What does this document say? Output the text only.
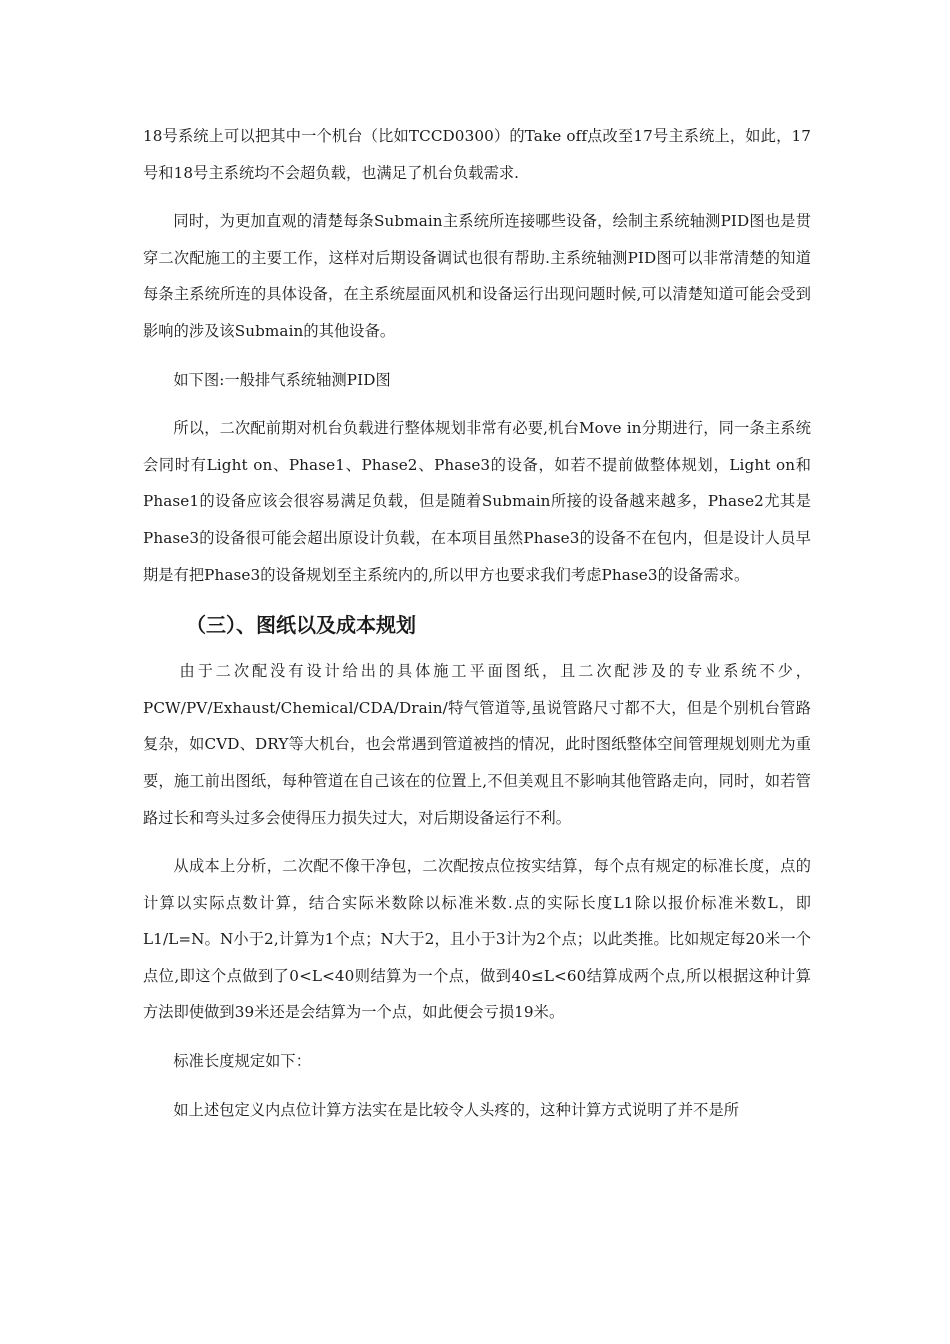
18号系统上可以把其中一个机台（比如TCCD0300）的Take off点改至17号主系统上，如此，17号和18号主系统均不会超负载，也满足了机台负载需求.

同时，为更加直观的清楚每条Submain主系统所连接哪些设备，绘制主系统轴测PID图也是贯穿二次配施工的主要工作，这样对后期设备调试也很有帮助.主系统轴测PID图可以非常清楚的知道每条主系统所连的具体设备，在主系统屋面风机和设备运行出现问题时候,可以清楚知道可能会受到影响的涉及该Submain的其他设备。

如下图:一般排气系统轴测PID图

所以，二次配前期对机台负载进行整体规划非常有必要,机台Move in分期进行，同一条主系统会同时有Light on、Phase1、Phase2、Phase3的设备，如若不提前做整体规划，Light on和Phase1的设备应该会很容易满足负载，但是随着Submain所接的设备越来越多，Phase2尤其是Phase3的设备很可能会超出原设计负载，在本项目虽然Phase3的设备不在包内，但是设计人员早期是有把Phase3的设备规划至主系统内的,所以甲方也要求我们考虑Phase3的设备需求。

（三）、图纸以及成本规划

由于二次配没有设计给出的具体施工平面图纸，且二次配涉及的专业系统不少，PCW/PV/Exhaust/Chemical/CDA/Drain/特气管道等,虽说管路尺寸都不大，但是个别机台管路复杂，如CVD、DRY等大机台，也会常遇到管道被挡的情况，此时图纸整体空间管理规划则尤为重要，施工前出图纸，每种管道在自己该在的位置上,不但美观且不影响其他管路走向，同时，如若管路过长和弯头过多会使得压力损失过大，对后期设备运行不利。

从成本上分析，二次配不像干净包，二次配按点位按实结算，每个点有规定的标准长度，点的计算以实际点数计算，结合实际米数除以标准米数.点的实际长度L1除以报价标准米数L，即L1/L=N。N小于2,计算为1个点；N大于2，且小于3计为2个点；以此类推。比如规定每20米一个点位,即这个点做到了0<L<40则结算为一个点，做到40≤L<60结算成两个点,所以根据这种计算方法即使做到39米还是会结算为一个点，如此便会亏损19米。

标准长度规定如下：

如上述包定义内点位计算方法实在是比较令人头疼的，这种计算方式说明了并不是所
